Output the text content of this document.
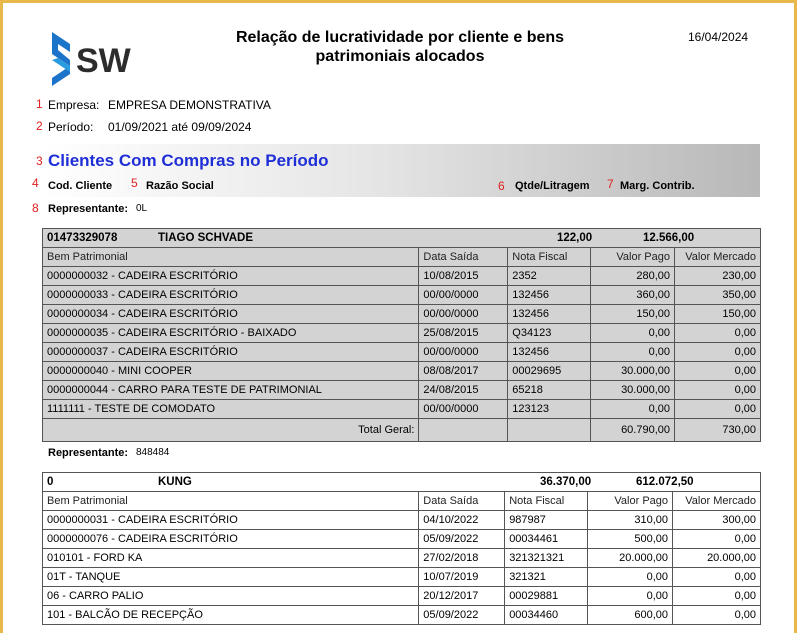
SW
Relação de lucratividade por cliente e bens
patrimoniais alocados
16/04/2024
1 Empresa: EMPRESA DEMONSTRATIVA
2 Período: 01/09/2021 até 09/09/2024
3 Clientes Com Compras no Período
4 Cod. Cliente 5 Razão Social	6 Qtde/Litragem 7 Marg. Contrib.
8 Representante: 0L
01473329078 TIAGO SCHVADE 122,00 12.566,00				

Bem Patrimonial	Data Saída	Nota Fiscal	Valor Pago	Valor Mercado
0000000032 - CADEIRA ESCRITÓRIO	10/08/2015	2352	280,00	230,00
0000000033 - CADEIRA ESCRITÓRIO	00/00/0000	132456	360,00	350,00
0000000034 - CADEIRA ESCRITÓRIO	00/00/0000	132456	150,00	150,00
0000000035 - CADEIRA ESCRITÓRIO - BAIXADO	25/08/2015	Q34123	0,00	0,00
0000000037 - CADEIRA ESCRITÓRIO	00/00/0000	132456	0,00	0,00
0000000040 - MINI COOPER	08/08/2017	00029695	30.000,00	0,00
0000000044 - CARRO PARA TESTE DE PATRIMONIAL	24/08/2015	65218	30.000,00	0,00
1111111 - TESTE DE COMODATO	00/00/0000	123123	0,00	0,00
Total Geral:			60.790,00	730,00
Representante: 848484
0 KUNG 36.370,00 612.072,50				

Bem Patrimonial	Data Saída	Nota Fiscal	Valor Pago	Valor Mercado
0000000031 - CADEIRA ESCRITÓRIO	04/10/2022	987987	310,00	300,00
0000000076 - CADEIRA ESCRITÓRIO	05/09/2022	00034461	500,00	0,00
010101 - FORD KA	27/02/2018	321321321	20.000,00	20.000,00
01T - TANQUE	10/07/2019	321321	0,00	0,00
06 - CARRO PALIO	20/12/2017	00029881	0,00	0,00
101 - BALCÃO DE RECEPÇÃO	05/09/2022	00034460	600,00	0,00
